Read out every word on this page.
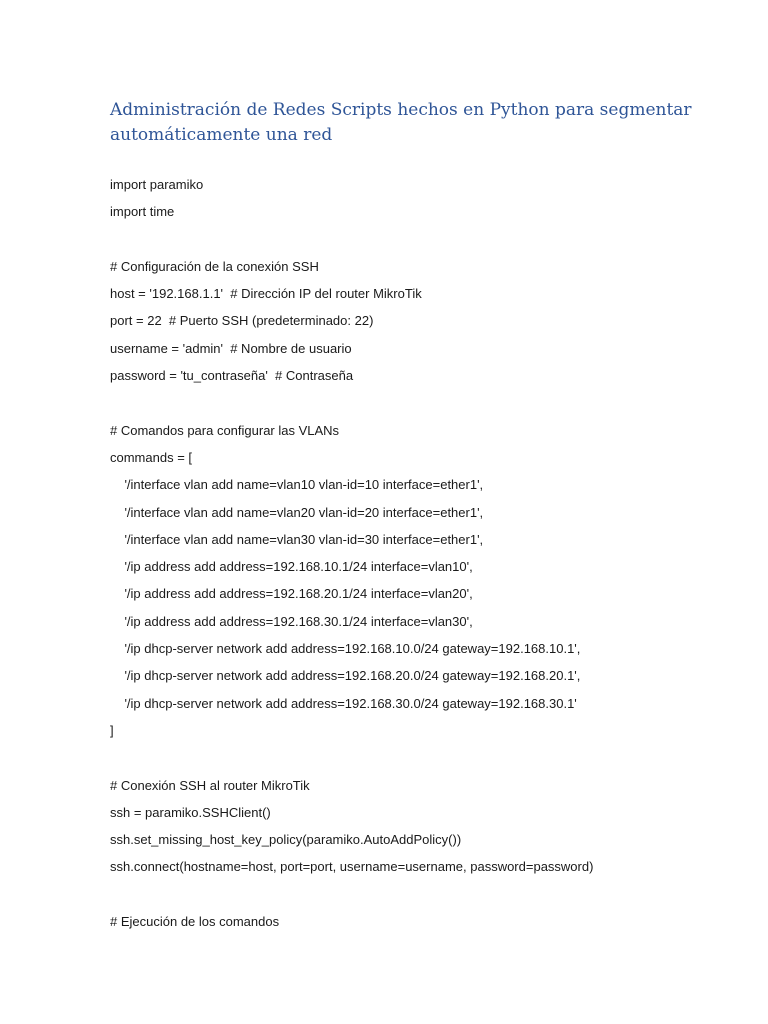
Administración de Redes Scripts hechos en Python para segmentar automáticamente una red
import paramiko
import time
# Configuración de la conexión SSH
host = '192.168.1.1'  # Dirección IP del router MikroTik
port = 22  # Puerto SSH (predeterminado: 22)
username = 'admin'  # Nombre de usuario
password = 'tu_contraseña'  # Contraseña
# Comandos para configurar las VLANs
commands = [
'/interface vlan add name=vlan10 vlan-id=10 interface=ether1',
'/interface vlan add name=vlan20 vlan-id=20 interface=ether1',
'/interface vlan add name=vlan30 vlan-id=30 interface=ether1',
'/ip address add address=192.168.10.1/24 interface=vlan10',
'/ip address add address=192.168.20.1/24 interface=vlan20',
'/ip address add address=192.168.30.1/24 interface=vlan30',
'/ip dhcp-server network add address=192.168.10.0/24 gateway=192.168.10.1',
'/ip dhcp-server network add address=192.168.20.0/24 gateway=192.168.20.1',
'/ip dhcp-server network add address=192.168.30.0/24 gateway=192.168.30.1'
]
# Conexión SSH al router MikroTik
ssh = paramiko.SSHClient()
ssh.set_missing_host_key_policy(paramiko.AutoAddPolicy())
ssh.connect(hostname=host, port=port, username=username, password=password)
# Ejecución de los comandos
